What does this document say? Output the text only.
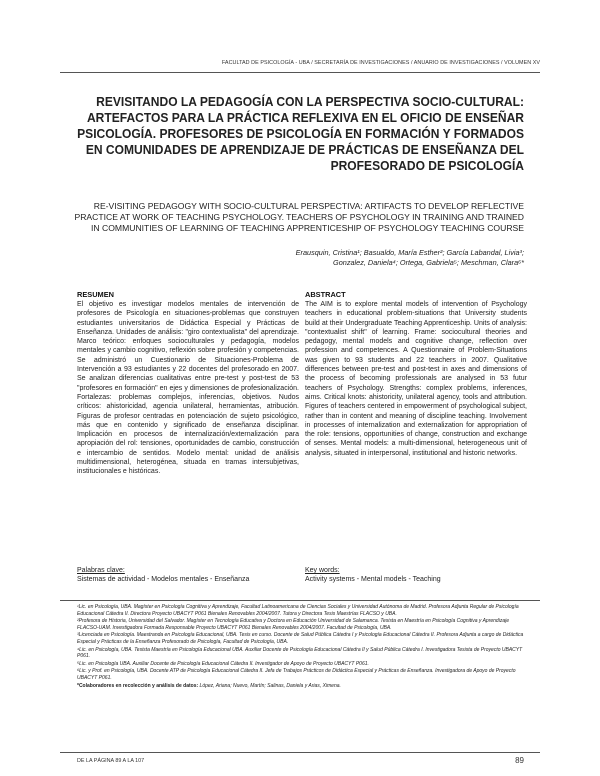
FACULTAD DE PSICOLOGÍA - UBA / SECRETARÍA DE INVESTIGACIONES / ANUARIO DE INVESTIGACIONES / VOLUMEN XV
REVISITANDO LA PEDAGOGÍA CON LA PERSPECTIVA SOCIO-CULTURAL: ARTEFACTOS PARA LA PRÁCTICA REFLEXIVA EN EL OFICIO DE ENSEÑAR PSICOLOGÍA. PROFESORES DE PSICOLOGÍA EN FORMACIÓN Y FORMADOS EN COMUNIDADES DE APRENDIZAJE DE PRÁCTICAS DE ENSEÑANZA DEL PROFESORADO DE PSICOLOGÍA
RE-VISITING PEDAGOGY WITH SOCIO-CULTURAL PERSPECTIVA: ARTIFACTS TO DEVELOP REFLECTIVE PRACTICE AT WORK OF TEACHING PSYCHOLOGY. TEACHERS OF PSYCHOLOGY IN TRAINING AND TRAINED IN COMMUNITIES OF LEARNING OF TEACHING APPRENTICESHIP OF PSYCHOLOGY TEACHING COURSE
Erausquin, Cristina¹; Basualdo, María Esther²; García Labandal, Livia³;
Gonzalez, Daniela⁴; Ortega, Gabriela⁵; Meschman, Clara⁶*
RESUMEN
El objetivo es investigar modelos mentales de intervención de profesores de Psicología en situaciones-problemas que construyen estudiantes universitarios de Didáctica Especial y Prácticas de Enseñanza. Unidades de análisis: "giro contextualista" del aprendizaje. Marco teórico: enfoques socioculturales y pedagogía, modelos mentales y cambio cognitivo, reflexión sobre profesión y competencias. Se administró un Cuestionario de Situaciones-Problema de Intervención a 93 estudiantes y 22 docentes del profesorado en 2007. Se analizan diferencias cualitativas entre pre-test y post-test de 53 "profesores en formación" en ejes y dimensiones de profesionalización. Fortalezas: problemas complejos, inferencias, objetivos. Nudos críticos: ahistoricidad, agencia unilateral, herramientas, atribución. Figuras de profesor centradas en potenciación de sujeto psicológico, más que en contenido y significado de enseñanza disciplinar. Implicación en procesos de internalización/externalización para apropiación del rol: tensiones, oportunidades de cambio, construcción e intercambio de sentidos. Modelo mental: unidad de análisis multidimensional, heterogénea, situada en tramas intersubjetivas, institucionales e históricas.
ABSTRACT
The AIM is to explore mental models of intervention of Psychology teachers in educational problem-situations that University students build at their Undergraduate Teaching Apprenticeship. Units of analysis: "contextualist shift" of learning. Frame: sociocultural theories and pedagogy, mental models and cognitive change, reflection over profession and competences. A Questionnaire of Problem-Situations was given to 93 students and 22 teachers in 2007. Qualitative differences between pre-test and post-test in axes and dimensions of the process of becoming professionals are analysed in 53 futur teachers of Psychology. Strengths: complex problems, inferences, aims. Critical knots: ahistoricity, unilateral agency, tools and attribution. Figures of teachers centered in empowerment of psychological subject, rather than in content and meaning of discipline teaching. Involvement in processes of internalization and externalization for appropriation of the role: tensions, opportunities of change, construction and exchange of senses. Mental models: a multi-dimensional, heterogeneous unit of analysis, situated in interpersonal, institutional and historic networks.
Palabras clave:
Sistemas de actividad - Modelos mentales - Enseñanza
Key words:
Activity systems - Mental models - Teaching

¹Lic. en Psicología, UBA. Magíster en Psicología Cognitiva y Aprendizaje, Facultad Latinoamericana de Ciencias Sociales y Universidad Autónoma de Madrid. Profesora Adjunta Regular de Psicología Educacional Cátedra II. Directora Proyecto UBACYT P061 Bienales Renovables 2004/2007. Tutora y Directora Tesis Maestrías FLACSO y UBA.

²Profesora de Historia, Universidad del Salvador. Magíster en Tecnología Educativa y Doctora en Educación Universidad de Salamanca. Tesista en Maestría en Psicología Cognitiva y Aprendizaje FLACSO-UAM. Investigadora Formada Responsable Proyecto UBACYT P061 Bienales Renovables 2004/2007. Facultad de Psicología, UBA.

³Licenciada en Psicología. Maestranda en Psicología Educacional, UBA. Tesis en curso. Docente de Salud Pública Cátedra I y Psicología Educacional Cátedra II. Profesora Adjunta a cargo de Didáctica Especial y Prácticas de la Enseñanza Profesorado de Psicología, Facultad de Psicología, UBA.

⁴Lic. en Psicología, UBA. Tesista Maestría en Psicología Educacional UBA. Auxiliar Docente de Psicología Educacional Cátedra II y Salud Pública Cátedra I. Investigadora Tesista de Proyecto UBACYT P061.

⁵Lic. en Psicología UBA. Auxiliar Docente de Psicología Educacional Cátedra II. Investigador de Apoyo de Proyecto UBACYT P061.

⁶Lic. y Prof. en Psicología, UBA. Docente ATP de Psicología Educacional Cátedra II. Jefa de Trabajos Prácticos de Didáctica Especial y Prácticas de Enseñanza. Investigadora de Apoyo de Proyecto UBACYT P061.

*Colaboradores en recolección y análisis de datos: López, Ariana; Nuevo, Martín; Salinas, Daniela y Arias, Ximena.

DE LA PÁGINA 89 A LA 107	89
